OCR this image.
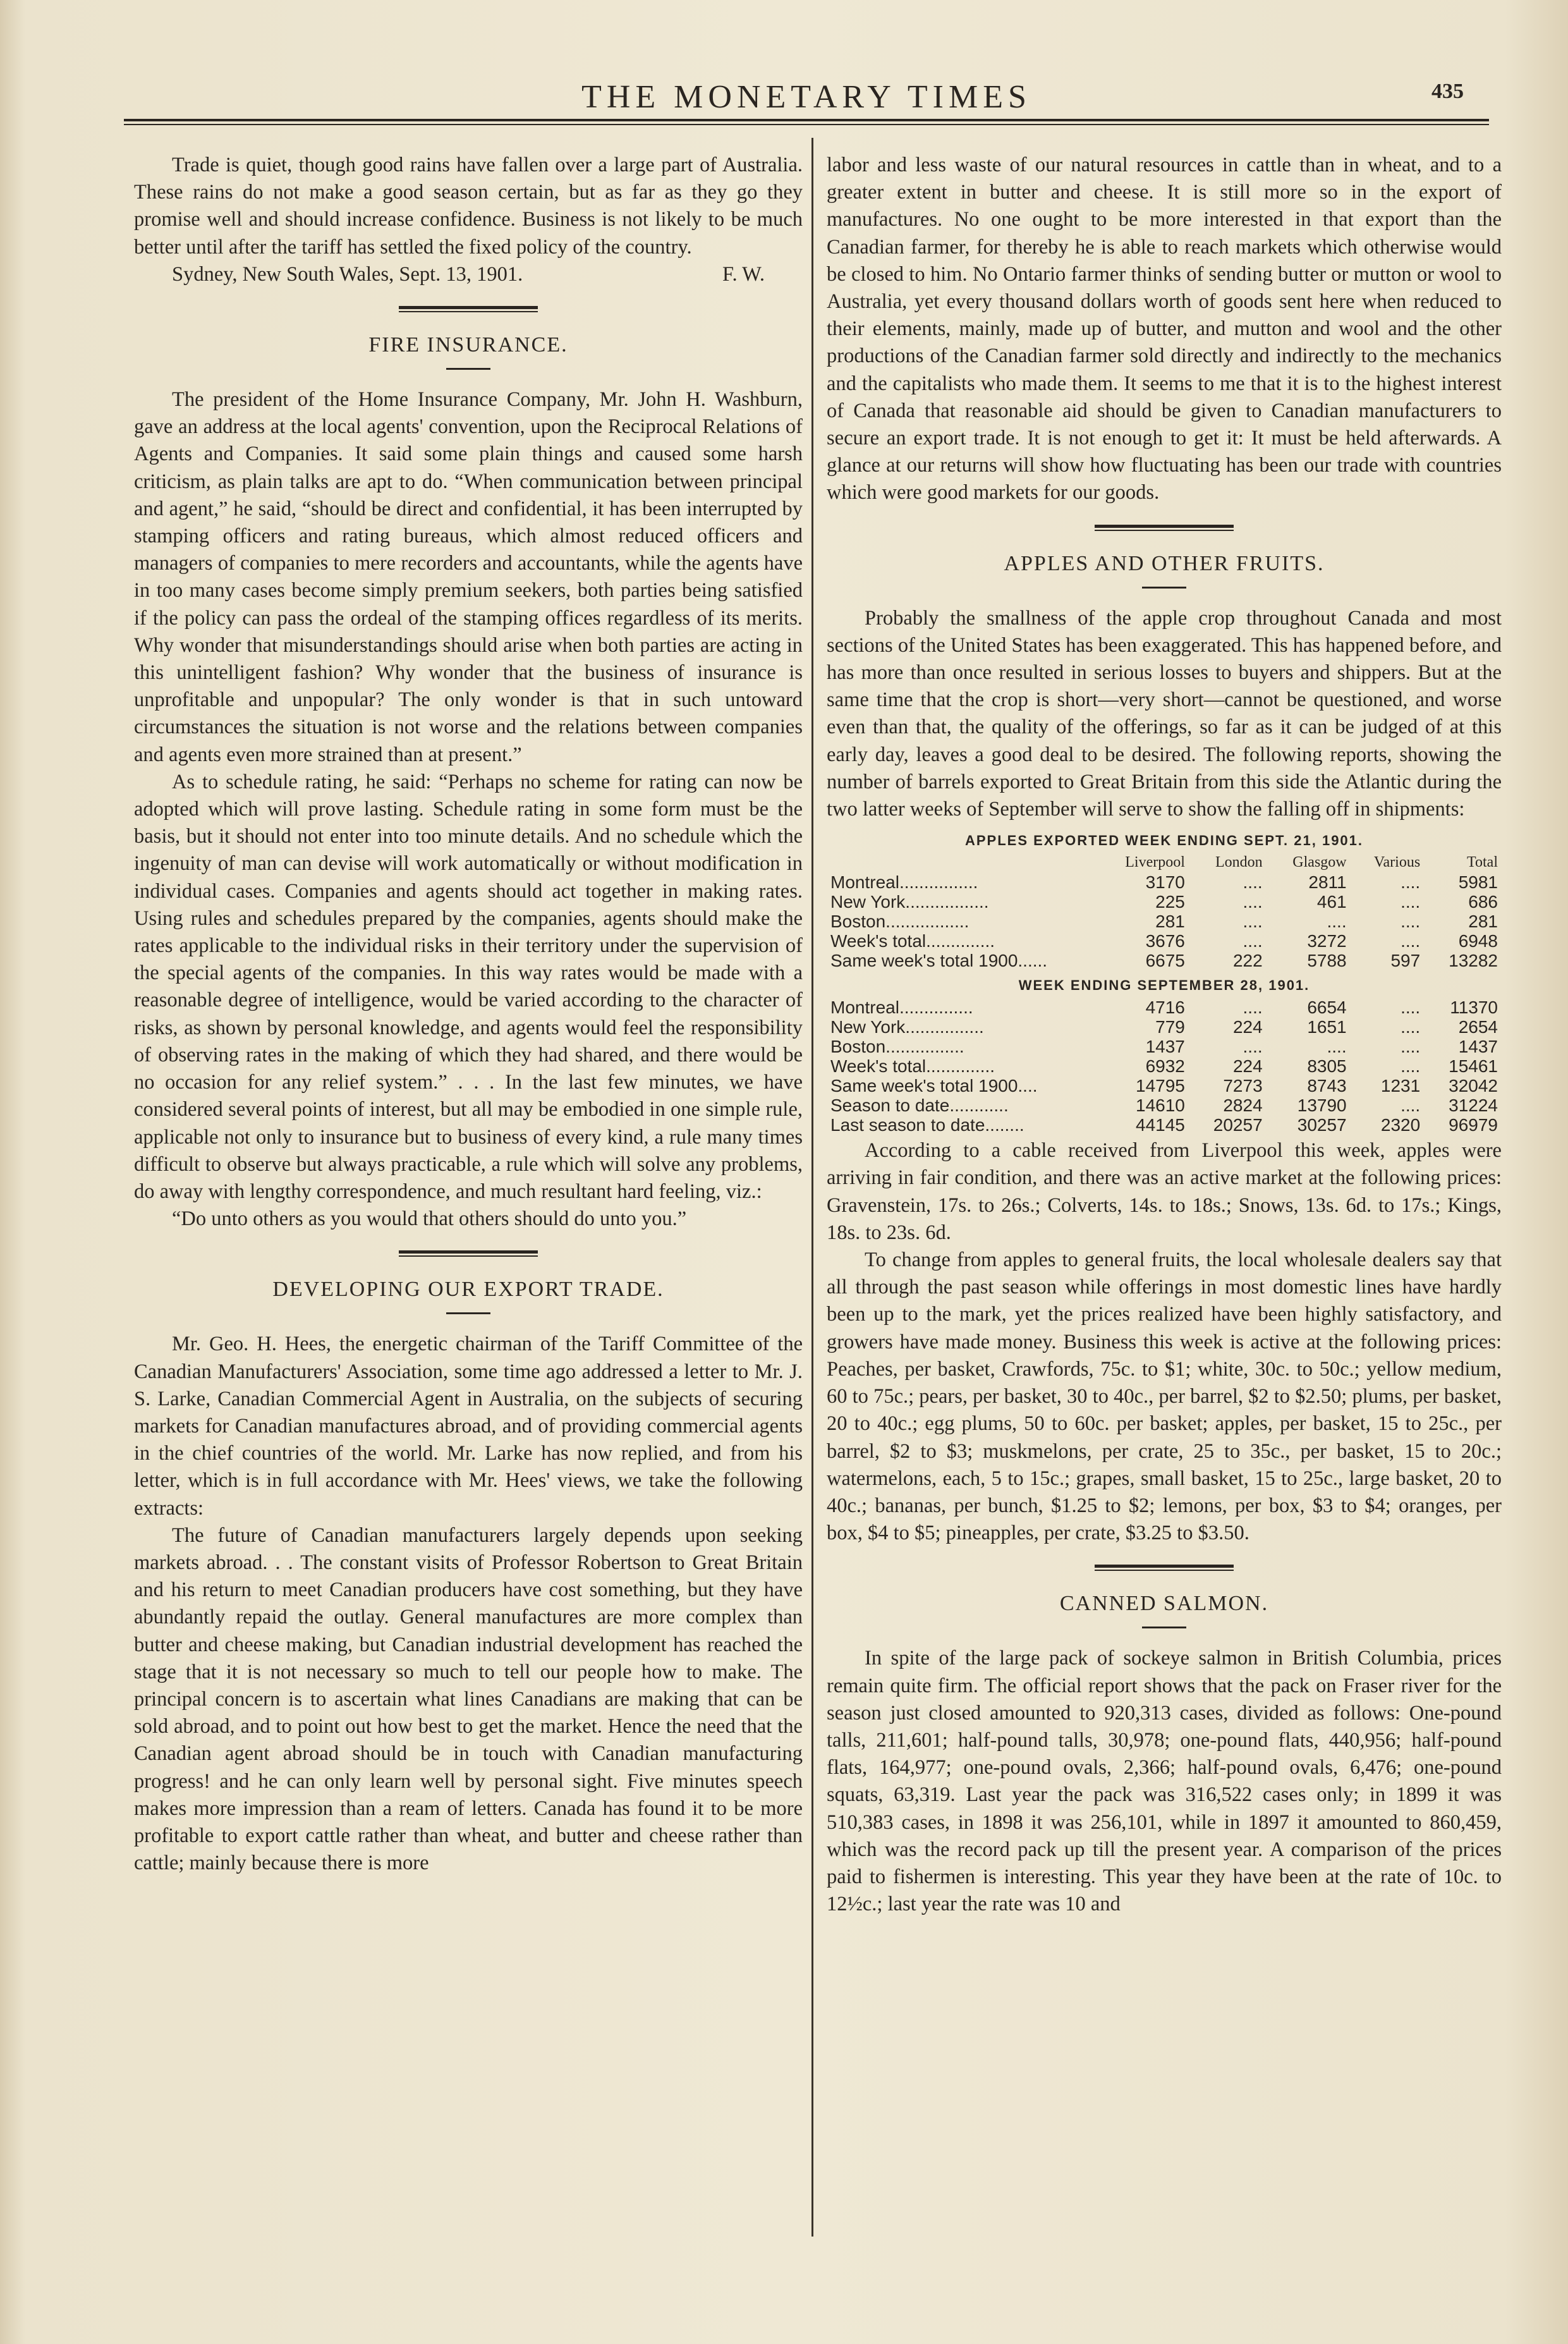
THE MONETARY TIMES	435

Trade is quiet, though good rains have fallen over a large part of Australia. These rains do not make a good season certain, but as far as they go they promise well and should increase confidence. Business is not likely to be much better until after the tariff has settled the fixed policy of the country.

Sydney, New South Wales, Sept. 13, 1901.	F. W.
FIRE INSURANCE.

The president of the Home Insurance Company, Mr. John H. Washburn, gave an address at the local agents' convention, upon the Reciprocal Relations of Agents and Companies. It said some plain things and caused some harsh criticism, as plain talks are apt to do. “When communication between principal and agent,” he said, “should be direct and confidential, it has been interrupted by stamping officers and rating bureaus, which almost reduced officers and managers of companies to mere recorders and accountants, while the agents have in too many cases become simply premium seekers, both parties being satisfied if the policy can pass the ordeal of the stamping offices regardless of its merits. Why wonder that misunderstandings should arise when both parties are acting in this unintelligent fashion? Why wonder that the business of insurance is unprofitable and unpopular? The only wonder is that in such untoward circumstances the situation is not worse and the relations between companies and agents even more strained than at present.”

As to schedule rating, he said: “Perhaps no scheme for rating can now be adopted which will prove lasting. Schedule rating in some form must be the basis, but it should not enter into too minute details. And no schedule which the ingenuity of man can devise will work automatically or without modification in individual cases. Companies and agents should act together in making rates. Using rules and schedules prepared by the companies, agents should make the rates applicable to the individual risks in their territory under the supervision of the special agents of the companies. In this way rates would be made with a reasonable degree of intelligence, would be varied according to the character of risks, as shown by personal knowledge, and agents would feel the responsibility of observing rates in the making of which they had shared, and there would be no occasion for any relief system.” . . . In the last few minutes, we have considered several points of interest, but all may be embodied in one simple rule, applicable not only to insurance but to business of every kind, a rule many times difficult to observe but always practicable, a rule which will solve any problems, do away with lengthy correspondence, and much resultant hard feeling, viz.:

“Do unto others as you would that others should do unto you.”

DEVELOPING OUR EXPORT TRADE.

Mr. Geo. H. Hees, the energetic chairman of the Tariff Committee of the Canadian Manufacturers' Association, some time ago addressed a letter to Mr. J. S. Larke, Canadian Commercial Agent in Australia, on the subjects of securing markets for Canadian manufactures abroad, and of providing commercial agents in the chief countries of the world. Mr. Larke has now replied, and from his letter, which is in full accordance with Mr. Hees' views, we take the following extracts:

The future of Canadian manufacturers largely depends upon seeking markets abroad. . . The constant visits of Professor Robertson to Great Britain and his return to meet Canadian producers have cost something, but they have abundantly repaid the outlay. General manufactures are more complex than butter and cheese making, but Canadian industrial development has reached the stage that it is not necessary so much to tell our people how to make. The principal concern is to ascertain what lines Canadians are making that can be sold abroad, and to point out how best to get the market. Hence the need that the Canadian agent abroad should be in touch with Canadian manufacturing progress! and he can only learn well by personal sight. Five minutes speech makes more impression than a ream of letters. Canada has found it to be more profitable to export cattle rather than wheat, and butter and cheese rather than cattle; mainly because there is more

labor and less waste of our natural resources in cattle than in wheat, and to a greater extent in butter and cheese. It is still more so in the export of manufactures. No one ought to be more interested in that export than the Canadian farmer, for thereby he is able to reach markets which otherwise would be closed to him. No Ontario farmer thinks of sending butter or mutton or wool to Australia, yet every thousand dollars worth of goods sent here when reduced to their elements, mainly, made up of butter, and mutton and wool and the other productions of the Canadian farmer sold directly and indirectly to the mechanics and the capitalists who made them. It seems to me that it is to the highest interest of Canada that reasonable aid should be given to Canadian manufacturers to secure an export trade. It is not enough to get it: It must be held afterwards. A glance at our returns will show how fluctuating has been our trade with countries which were good markets for our goods.

APPLES AND OTHER FRUITS.

Probably the smallness of the apple crop throughout Canada and most sections of the United States has been exaggerated. This has happened before, and has more than once resulted in serious losses to buyers and shippers. But at the same time that the crop is short—very short—cannot be questioned, and worse even than that, the quality of the offerings, so far as it can be judged of at this early day, leaves a good deal to be desired. The following reports, showing the number of barrels exported to Great Britain from this side the Atlantic during the two latter weeks of September will serve to show the falling off in shipments:

APPLES EXPORTED WEEK ENDING SEPT. 21, 1901.					
	Liverpool	London	Glasgow	Various	Total
Montreal................	3170	....	2811	....	5981
New York.................	225	....	461	....	686
Boston.................	281	....	....	....	281
Week's total..............	3676	....	3272	....	6948
Same week's total 1900......	6675	222	5788	597	13282
WEEK ENDING SEPTEMBER 28, 1901.					
Montreal...............	4716	....	6654	....	11370
New York................	779	224	1651	....	2654
Boston................	1437	....	....	....	1437
Week's total..............	6932	224	8305	....	15461
Same week's total 1900....	14795	7273	8743	1231	32042
Season to date............	14610	2824	13790	....	31224
Last season to date........	44145	20257	30257	2320	96979

According to a cable received from Liverpool this week, apples were arriving in fair condition, and there was an active market at the following prices: Gravenstein, 17s. to 26s.; Colverts, 14s. to 18s.; Snows, 13s. 6d. to 17s.; Kings, 18s. to 23s. 6d.

To change from apples to general fruits, the local wholesale dealers say that all through the past season while offerings in most domestic lines have hardly been up to the mark, yet the prices realized have been highly satisfactory, and growers have made money. Business this week is active at the following prices: Peaches, per basket, Crawfords, 75c. to $1; white, 30c. to 50c.; yellow medium, 60 to 75c.; pears, per basket, 30 to 40c., per barrel, $2 to $2.50; plums, per basket, 20 to 40c.; egg plums, 50 to 60c. per basket; apples, per basket, 15 to 25c., per barrel, $2 to $3; muskmelons, per crate, 25 to 35c., per basket, 15 to 20c.; watermelons, each, 5 to 15c.; grapes, small basket, 15 to 25c., large basket, 20 to 40c.; bananas, per bunch, $1.25 to $2; lemons, per box, $3 to $4; oranges, per box, $4 to $5; pineapples, per crate, $3.25 to $3.50.

CANNED SALMON.

In spite of the large pack of sockeye salmon in British Columbia, prices remain quite firm. The official report shows that the pack on Fraser river for the season just closed amounted to 920,313 cases, divided as follows: One-pound talls, 211,601; half-pound talls, 30,978; one-pound flats, 440,956; half-pound flats, 164,977; one-pound ovals, 2,366; half-pound ovals, 6,476; one-pound squats, 63,319. Last year the pack was 316,522 cases only; in 1899 it was 510,383 cases, in 1898 it was 256,101, while in 1897 it amounted to 860,459, which was the record pack up till the present year. A comparison of the prices paid to fishermen is interesting. This year they have been at the rate of 10c. to 12½c.; last year the rate was 10 and
